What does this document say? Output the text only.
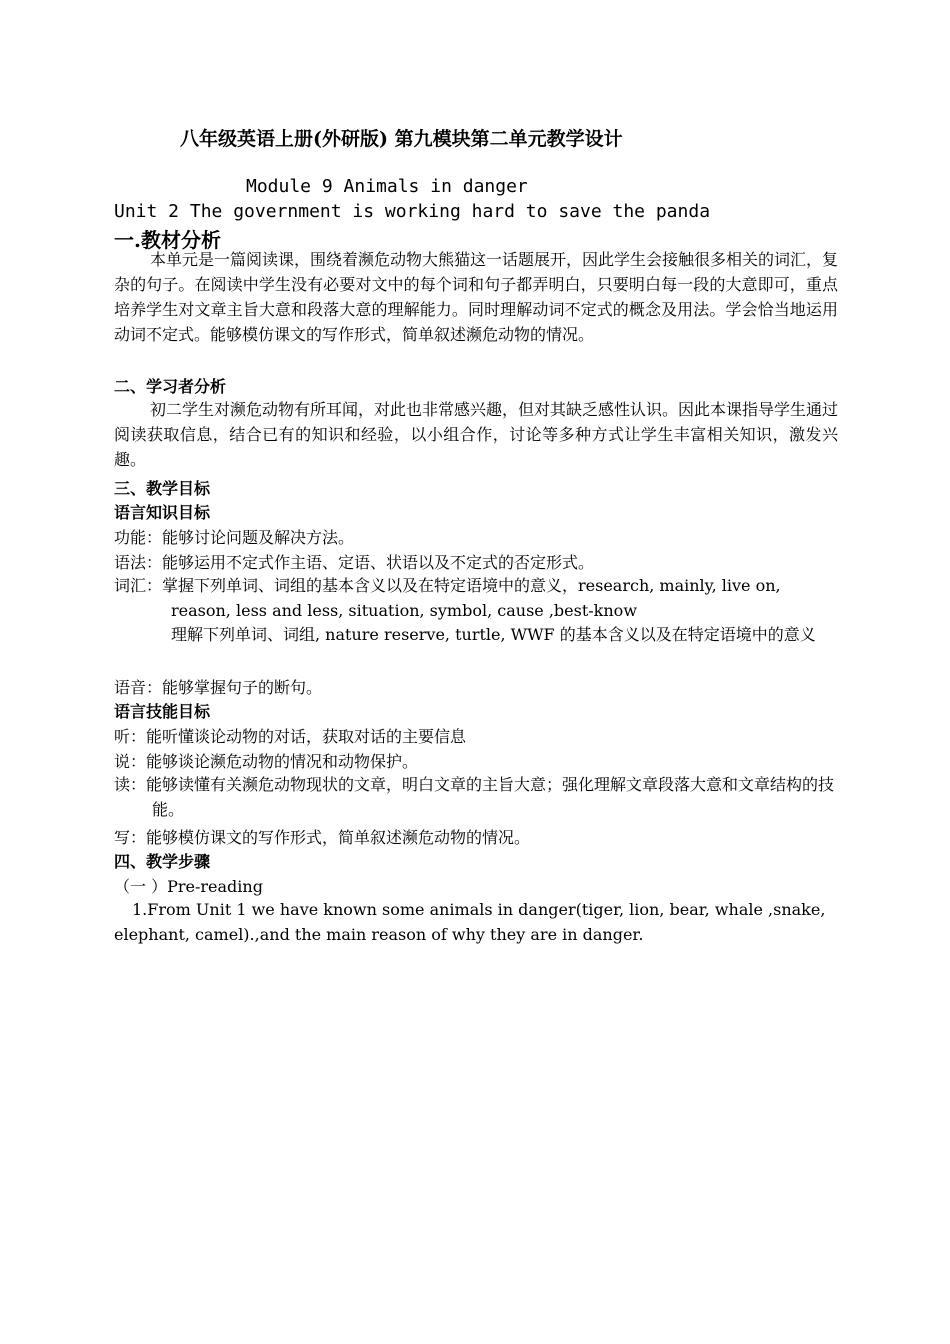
八年级英语上册(外研版) 第九模块第二单元教学设计
Module 9 Animals in danger
Unit 2 The government is working hard to save the panda
一.教材分析
本单元是一篇阅读课，围绕着濒危动物大熊猫这一话题展开，因此学生会接触很多相关的词汇，复杂的句子。在阅读中学生没有必要对文中的每个词和句子都弄明白，只要明白每一段的大意即可，重点培养学生对文章主旨大意和段落大意的理解能力。同时理解动词不定式的概念及用法。学会恰当地运用动词不定式。能够模仿课文的写作形式，简单叙述濒危动物的情况。
二、学习者分析
初二学生对濒危动物有所耳闻，对此也非常感兴趣，但对其缺乏感性认识。因此本课指导学生通过阅读获取信息，结合已有的知识和经验，以小组合作，讨论等多种方式让学生丰富相关知识，激发兴趣。
三、教学目标
语言知识目标
功能：能够讨论问题及解决方法。
语法：能够运用不定式作主语、定语、状语以及不定式的否定形式。
词汇：掌握下列单词、词组的基本含义以及在特定语境中的意义，research, mainly, live on, reason, less and less, situation, symbol, cause ,best-know
理解下列单词、词组, nature reserve, turtle, WWF 的基本含义以及在特定语境中的意义
语音：能够掌握句子的断句。
语言技能目标
听：能听懂谈论动物的对话，获取对话的主要信息
说：能够谈论濒危动物的情况和动物保护。
读：能够读懂有关濒危动物现状的文章，明白文章的主旨大意；强化理解文章段落大意和文章结构的技能。
写：能够模仿课文的写作形式，简单叙述濒危动物的情况。
四、教学步骤
（一 ）Pre-reading
1.From Unit 1 we have known some animals in danger(tiger, lion, bear, whale ,snake, elephant, camel).,and the main reason of why they are in danger.
